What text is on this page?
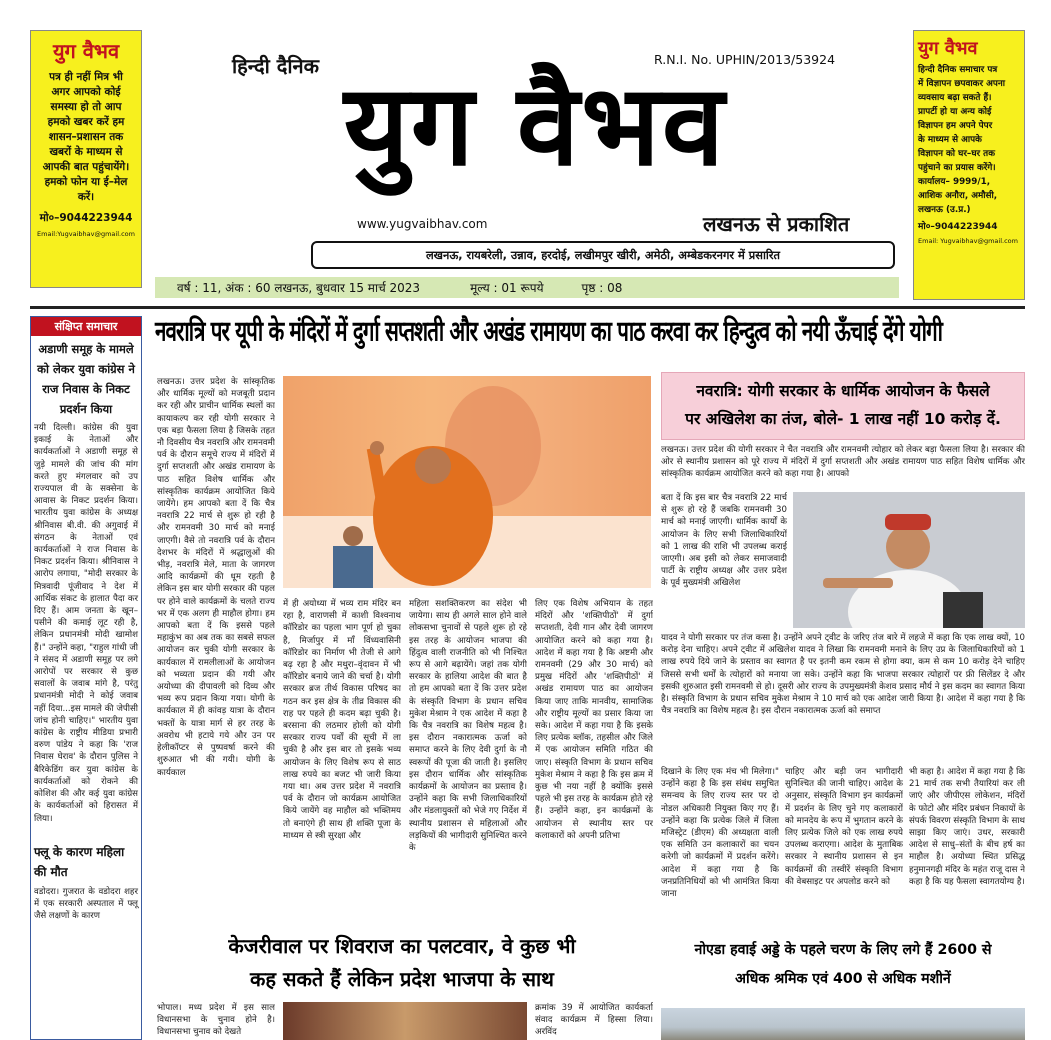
युग वैभव
पत्र ही नहीं मित्र भी
अगर आपको कोई
समस्या हो तो आप
हमको खबर करें हम
शासन–प्रशासन तक
खबरों के माध्यम से
आपकी बात पहुंचायेंगे।
हमको फोन या ई–मेल
करें।
मो०–9044223944
Email:Yugvaibhav@gmail.com
युग वैभव
हिन्दी दैनिक समाचार पत्र
में विज्ञापन छपवाकर अपना
व्यवसाय बढ़ा सकते हैं।
प्रापर्टी हो या अन्य कोई
विज्ञापन हम अपने पेपर
के माध्यम से आपके
विज्ञापन को घर–घर तक
पहुंचाने का प्रयास करेंगे।
कार्यालय– 9999/1,
आशिक अनौरा, अमौसी,
लखनऊ (उ.प्र.)
मो०–9044223944
Email: Yugvaibhav@gmail.com
हिन्दी दैनिक	R.N.I. No. UPHIN/2013/53924
युग वैभव
www.yugvaibhav.com	लखनऊ से प्रकाशित
लखनऊ, रायबरेली, उन्नाव, हरदोई, लखीमपुर खीरी, अमेठी, अम्बेडकरनगर में प्रसारित
वर्ष : 11, अंक : 60 लखनऊ, बुधवार 15 मार्च 2023	मूल्य : 01 रूपये	पृष्ठ : 08
संक्षिप्त समाचार
अडाणी समूह के मामले को लेकर युवा कांग्रेस ने राज निवास के निकट प्रदर्शन किया
नयी दिल्ली। कांग्रेस की युवा इकाई के नेताओं और कार्यकर्ताओं ने अडाणी समूह से जुड़े मामले की जांच की मांग करते हुए मंगलवार को उप राज्यपाल वी के सक्सेना के आवास के निकट प्रदर्शन किया। भारतीय युवा कांग्रेस के अध्यक्ष श्रीनिवास बी.वी. की अगुवाई में संगठन के नेताओं एवं कार्यकर्ताओं ने राज निवास के निकट प्रदर्शन किया। श्रीनिवास ने आरोप लगाया, "मोदी सरकार के मित्रवादी पूंजीवाद ने देश में आर्थिक संकट के हालात पैदा कर दिए हैं। आम जनता के खून–पसीने की कमाई लूट रही है, लेकिन प्रधानमंत्री मोदी खामोश हैं।" उन्होंने कहा, "राहुल गांधी जी ने संसद में अडाणी समूह पर लगे आरोपों पर सरकार से कुछ सवालों के जवाब मांगे है, परंतु प्रधानमंत्री मोदी ने कोई जवाब नहीं दिया...इस मामले की जेपीसी जांच होनी चाहिए।" भारतीय युवा कांग्रेस के राष्ट्रीय मीडिया प्रभारी वरुण पांडेय ने कहा कि 'राज निवास घेराव' के दौरान पुलिस ने बैरिकेडिंग कर युवा कांग्रेस के कार्यकर्ताओं को रोकने की कोशिश की और कई युवा कांग्रेस के कार्यकर्ताओं को हिरासत में लिया।
फ्लू के कारण महिला की मौत
वडोदरा। गुजरात के वडोदरा शहर में एक सरकारी अस्पताल में फ्लू जैसे लक्षणों के कारण
नवरात्रि पर यूपी के मंदिरों में दुर्गा सप्तशती और अखंड रामायण का पाठ करवा कर हिन्दुत्व को नयी ऊँचाई देंगे योगी
लखनऊ। उत्तर प्रदेश के सांस्कृतिक और धार्मिक मूल्यों को मजबूती प्रदान कर रही और प्राचीन धार्मिक स्थलों का कायाकल्प कर रही योगी सरकार ने एक बड़ा फैसला लिया है जिसके तहत नौ दिवसीय चैत्र नवरात्रि और रामनवमी पर्व के दौरान समूचे राज्य में मंदिरों में दुर्गा सप्तशती और अखंड रामायण के पाठ सहित विशेष धार्मिक और सांस्कृतिक कार्यक्रम आयोजित किये जायेंगे। हम आपको बता दें कि चैत्र नवरात्रि 22 मार्च से शुरू हो रही है और रामनवमी 30 मार्च को मनाई जाएगी। वैसे तो नवरात्रि पर्व के दौरान देशभर के मंदिरों में श्रद्धालुओं की भीड़, नवरात्रि मेले, माता के जागरण आदि कार्यक्रमों की धूम रहती है लेकिन इस बार योगी सरकार की पहल पर होने वाले कार्यक्रमों के चलते राज्य भर में एक अलग ही माहौल होगा। हम आपको बता दें कि इससे पहले महाकुंभ का अब तक का सबसे सफल आयोजन कर चुकी योगी सरकार के कार्यकाल में रामलीलाओं के आयोजन को भव्यता प्रदान की गयी और अयोध्या की दीपावली को दिव्य और भव्य रूप प्रदान किया गया। योगी के कार्यकाल में ही कांवड़ यात्रा के दौरान भक्तों के यात्रा मार्ग से हर तरह के अवरोध भी हटाये गये और उन पर हेलीकॉप्टर से पुष्पवर्षा करने की शुरुआत भी की गयी। योगी के कार्यकाल
में ही अयोध्या में भव्य राम मंदिर बन रहा है, वाराणसी में काशी विश्वनाथ कॉरिडोर का पहला भाग पूर्ण हो चुका है, मिर्जापुर में माँ विंध्यवासिनी कॉरिडोर का निर्माण भी तेजी से आगे बढ़ रहा है और मथुरा–वृंदावन में भी कॉरिडोर बनाये जाने की चर्चा है। योगी सरकार ब्रज तीर्थ विकास परिषद का गठन कर इस क्षेत्र के तीव्र विकास की राह पर पहले ही कदम बढ़ा चुकी है। बरसाना की लठमार होली को योगी सरकार राज्य पर्वों की सूची में ला चुकी है और इस बार तो इसके भव्य आयोजन के लिए विशेष रूप से साठ लाख रुपये का बजट भी जारी किया गया था। अब उत्तर प्रदेश में नवरात्रि पर्व के दौरान जो कार्यक्रम आयोजित किये जायेंगे वह माहौल को भक्तिमय तो बनाएंगे ही साथ ही शक्ति पूजा के माध्यम से स्त्री सुरक्षा और
महिला सशक्तिकरण का संदेश भी जायेगा। साथ ही अगले साल होने वाले लोकसभा चुनावों से पहले शुरू हो रहे इस तरह के आयोजन भाजपा की हिंदुत्व वाली राजनीति को भी निश्चित रूप से आगे बढ़ायेंगे। जहां तक योगी सरकार के हालिया आदेश की बात है तो हम आपको बता दें कि उत्तर प्रदेश के संस्कृति विभाग के प्रधान सचिव मुकेश मेश्राम ने एक आदेश में कहा है कि चैत्र नवरात्रि का विशेष महत्व है। इस दौरान नकारात्मक ऊर्जा को समाप्त करने के लिए देवी दुर्गा के नौ स्वरूपों की पूजा की जाती है। इसलिए इस दौरान धार्मिक और सांस्कृतिक कार्यक्रमों के आयोजन का प्रस्ताव है। उन्होंने कहा कि सभी जिलाधिकारियों और मंडलायुक्तों को भेजे गए निर्देश में स्थानीय प्रशासन से महिलाओं और लड़कियों की भागीदारी सुनिश्चित करने के
लिए एक विशेष अभियान के तहत मंदिरों और 'शक्तिपीठों' में दुर्गा सप्तशती, देवी गान और देवी जागरण आयोजित करने को कहा गया है। आदेश में कहा गया है कि अष्टमी और रामनवमी (29 और 30 मार्च) को प्रमुख मंदिरों और 'शक्तिपीठों' में अखंड रामायण पाठ का आयोजन किया जाए ताकि मानवीय, सामाजिक और राष्ट्रीय मूल्यों का प्रसार किया जा सके। आदेश में कहा गया है कि इसके लिए प्रत्येक ब्लॉक, तहसील और जिले में एक आयोजन समिति गठित की जाए। संस्कृति विभाग के प्रधान सचिव मुकेश मेश्राम ने कहा है कि इस क्रम में कुछ भी नया नहीं है क्योंकि इससे पहले भी इस तरह के कार्यक्रम होते रहे हैं। उन्होंने कहा, इन कार्यक्रमों के आयोजन से स्थानीय स्तर पर कलाकारों को अपनी प्रतिभा
नवरात्रि: योगी सरकार के धार्मिक आयोजन के फैसले
पर अखिलेश का तंज, बोले- 1 लाख नहीं 10 करोड़ दें.
लखनऊ। उत्तर प्रदेश की योगी सरकार ने चैत नवरात्रि और रामनवमी त्योहार को लेकर बड़ा फैसला लिया है। सरकार की ओर से स्थानीय प्रशासन को पूरे राज्य में मंदिरों में दुर्गा सप्तशती और अखंड रामायण पाठ सहित विशेष धार्मिक और सांस्कृतिक कार्यक्रम आयोजित करने को कहा गया है। आपको
बता दें कि इस बार चैत्र नवरात्रि 22 मार्च से शुरू हो रहे हैं जबकि रामनवमी 30 मार्च को मनाई जाएगी। धार्मिक कार्यों के आयोजन के लिए सभी जिलाधिकारियों को 1 लाख की राशि भी उपलब्ध कराई जाएगी। अब इसी को लेकर समाजवादी पार्टी के राष्ट्रीय अध्यक्ष और उत्तर प्रदेश के पूर्व मुख्यमंत्री अखिलेश
यादव ने योगी सरकार पर तंज कसा है। उन्होंने अपने ट्वीट के जरिए तंज बारे में लहजे में कहा कि एक लाख क्यों, 10 करोड़ देना चाहिए। अपने ट्वीट में अखिलेश यादव ने लिखा कि रामनवमी मनाने के लिए उप्र के जिलाधिकारियों को 1 लाख रुपये दिये जाने के प्रस्ताव का स्वागत है पर इतनी कम रकम से होगा क्या, कम से कम 10 करोड़ देने चाहिए जिससे सभी धर्मों के त्योहारों को मनाया जा सके। उन्होंने कहा कि भाजपा सरकार त्योहारों पर फ्री सिलेंडर दे और इसकी शुरुआत इसी रामनवमी से हो। दूसरी ओर राज्य के उपमुख्यमंत्री केशव प्रसाद मौर्य ने इस कदम का स्वागत किया है। संस्कृति विभाग के प्रधान सचिव मुकेश मेश्राम ने 10 मार्च को एक आदेश जारी किया है। आदेश में कहा गया है कि चैत्र नवरात्रि का विशेष महत्व है। इस दौरान नकारात्मक ऊर्जा को समाप्त
दिखाने के लिए एक मंच भी मिलेगा।" उन्होंने कहा है कि इस संबंध समुचित समन्वय के लिए राज्य स्तर पर दो नोडल अधिकारी नियुक्त किए गए हैं। उन्होंने कहा कि प्रत्येक जिले में जिला मजिस्ट्रेट (डीएम) की अध्यक्षता वाली एक समिति उन कलाकारों का चयन करेगी जो कार्यक्रमों में प्रदर्शन करेंगे। आदेश में कहा गया है कि जनप्रतिनिधियों को भी आमंत्रित किया जाना
चाहिए और बड़ी जन भागीदारी सुनिश्चित की जानी चाहिए। आदेश के अनुसार, संस्कृति विभाग इन कार्यक्रमों में प्रदर्शन के लिए चुने गए कलाकारों को मानदेय के रूप में भुगतान करने के लिए प्रत्येक जिले को एक लाख रुपये उपलब्ध कराएगा। आदेश के मुताबिक सरकार ने स्थानीय प्रशासन से इन कार्यक्रमों की तस्वीरें संस्कृति विभाग की वेबसाइट पर अपलोड करने को
भी कहा है। आदेश में कहा गया है कि 21 मार्च तक सभी तैयारियां कर ली जाएं और जीपीएस लोकेशन, मंदिरों के फोटो और मंदिर प्रबंधन निकायों के संपर्क विवरण संस्कृति विभाग के साथ साझा किए जाएं। उधर, सरकारी आदेश से साधु–संतों के बीच हर्ष का माहौल है। अयोध्या स्थित प्रसिद्ध हनुमानगढ़ी मंदिर के महंत राजू दास ने कहा है कि यह फैसला स्वागतयोग्य है।
केजरीवाल पर शिवराज का पलटवार, वे कुछ भी
कह सकते हैं लेकिन प्रदेश भाजपा के साथ
भोपाल। मध्य प्रदेश में इस साल विधानसभा के चुनाव होने है। विधानसभा चुनाव को देखते
क्रमांक 39 में आयोजित कार्यकर्ता संवाद कार्यक्रम में हिस्सा लिया। अरविंद
नोएडा हवाई अड्डे के पहले चरण के लिए लगे हैं 2600 से
अधिक श्रमिक एवं 400 से अधिक मशीनें
